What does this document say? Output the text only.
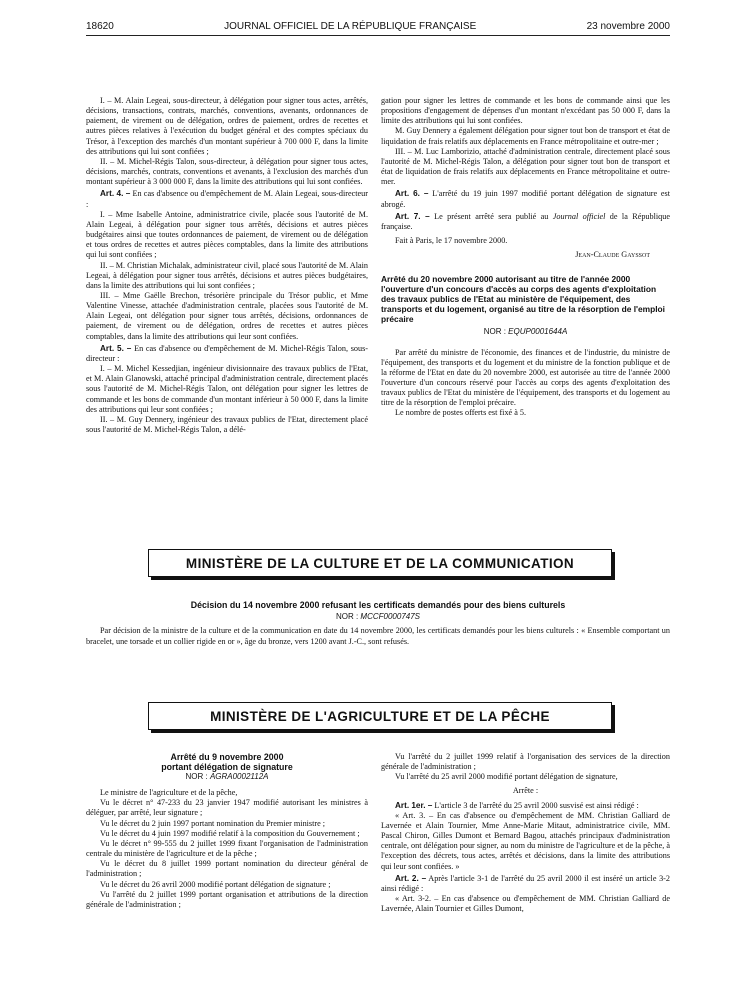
18620	JOURNAL OFFICIEL DE LA RÉPUBLIQUE FRANÇAISE	23 novembre 2000

I. – M. Alain Legeai, sous-directeur, à délégation pour signer tous actes, arrêtés, décisions, transactions, contrats, marchés, conventions, avenants, ordonnances de paiement, de virement ou de délégation, ordres de paiement, ordres de recettes et autres pièces relatives à l'exécution du budget général et des comptes spéciaux du Trésor, à l'exception des marchés d'un montant supérieur à 700 000 F, dans la limite des attributions qui lui sont confiées ;

II. – M. Michel-Régis Talon, sous-directeur, à délégation pour signer tous actes, décisions, marchés, contrats, conventions et avenants, à l'exclusion des marchés d'un montant supérieur à 3 000 000 F, dans la limite des attributions qui lui sont confiées.

Art. 4. – En cas d'absence ou d'empêchement de M. Alain Legeai, sous-directeur :

I. – Mme Isabelle Antoine, administratrice civile, placée sous l'autorité de M. Alain Legeai, à délégation pour signer tous arrêtés, décisions et autres pièces budgétaires ainsi que toutes ordonnances de paiement, de virement ou de délégation et tous ordres de recettes et autres pièces comptables, dans la limite des attributions qui lui sont confiées ;

II. – M. Christian Michalak, administrateur civil, placé sous l'autorité de M. Alain Legeai, à délégation pour signer tous arrêtés, décisions et autres pièces budgétaires, dans la limite des attributions qui lui sont confiées ;

III. – Mme Gaëlle Brechon, trésorière principale du Trésor public, et Mme Valentine Vinesse, attachée d'administration centrale, placées sous l'autorité de M. Alain Legeai, ont délégation pour signer tous arrêtés, décisions, ordonnances de paiement, de virement ou de délégation, ordres de recettes et autres pièces comptables, dans la limite des attributions qui leur sont confiées.

Art. 5. – En cas d'absence ou d'empêchement de M. Michel-Régis Talon, sous-directeur :

I. – M. Michel Kessedjian, ingénieur divisionnaire des travaux publics de l'Etat, et M. Alain Glanowski, attaché principal d'administration centrale, directement placés sous l'autorité de M. Michel-Régis Talon, ont délégation pour signer les lettres de commande et les bons de commande d'un montant inférieur à 50 000 F, dans la limite des attributions qui leur sont confiées ;

II. – M. Guy Dennery, ingénieur des travaux publics de l'Etat, directement placé sous l'autorité de M. Michel-Régis Talon, a délé-

gation pour signer les lettres de commande et les bons de commande ainsi que les propositions d'engagement de dépenses d'un montant n'excédant pas 50 000 F, dans la limite des attributions qui lui sont confiées.

M. Guy Dennery a également délégation pour signer tout bon de transport et état de liquidation de frais relatifs aux déplacements en France métropolitaine et outre-mer ;

III. – M. Luc Lamborizio, attaché d'administration centrale, directement placé sous l'autorité de M. Michel-Régis Talon, a délégation pour signer tout bon de transport et état de liquidation de frais relatifs aux déplacements en France métropolitaine et outre-mer.

Art. 6. – L'arrêté du 19 juin 1997 modifié portant délégation de signature est abrogé.

Art. 7. – Le présent arrêté sera publié au Journal officiel de la République française.

Fait à Paris, le 17 novembre 2000.

Jean-Claude Gayssot
Arrêté du 20 novembre 2000 autorisant au titre de l'année 2000 l'ouverture d'un concours d'accès au corps des agents d'exploitation des travaux publics de l'Etat au ministère de l'équipement, des transports et du logement, organisé au titre de la résorption de l'emploi précaire
NOR : EQUP0001644A

Par arrêté du ministre de l'économie, des finances et de l'industrie, du ministre de l'équipement, des transports et du logement et du ministre de la fonction publique et de la réforme de l'Etat en date du 20 novembre 2000, est autorisée au titre de l'année 2000 l'ouverture d'un concours réservé pour l'accès au corps des agents d'exploitation des travaux publics de l'Etat du ministère de l'équipement, des transports et du logement au titre de la résorption de l'emploi précaire.

Le nombre de postes offerts est fixé à 5.

MINISTÈRE DE LA CULTURE ET DE LA COMMUNICATION
Décision du 14 novembre 2000 refusant les certificats demandés pour des biens culturels
NOR : MCCF0000747S
Par décision de la ministre de la culture et de la communication en date du 14 novembre 2000, les certificats demandés pour les biens culturels : « Ensemble comportant un bracelet, une torsade et un collier rigide en or », âge du bronze, vers 1200 avant J.-C., sont refusés.
MINISTÈRE DE L'AGRICULTURE ET DE LA PÊCHE
Arrêté du 9 novembre 2000
portant délégation de signature
NOR : AGRA0002112A

Le ministre de l'agriculture et de la pêche,

Vu le décret n° 47-233 du 23 janvier 1947 modifié autorisant les ministres à déléguer, par arrêté, leur signature ;

Vu le décret du 2 juin 1997 portant nomination du Premier ministre ;

Vu le décret du 4 juin 1997 modifié relatif à la composition du Gouvernement ;

Vu le décret n° 99-555 du 2 juillet 1999 fixant l'organisation de l'administration centrale du ministère de l'agriculture et de la pêche ;

Vu le décret du 8 juillet 1999 portant nomination du directeur général de l'administration ;

Vu le décret du 26 avril 2000 modifié portant délégation de signature ;

Vu l'arrêté du 2 juillet 1999 portant organisation et attributions de la direction générale de l'administration ;

Vu l'arrêté du 2 juillet 1999 relatif à l'organisation des services de la direction générale de l'administration ;

Vu l'arrêté du 25 avril 2000 modifié portant délégation de signature,

Arrête :

Art. 1er. – L'article 3 de l'arrêté du 25 avril 2000 susvisé est ainsi rédigé :

« Art. 3. – En cas d'absence ou d'empêchement de MM. Christian Galliard de Lavernée et Alain Tournier, Mme Anne-Marie Mitaut, administratrice civile, MM. Pascal Chiron, Gilles Dumont et Bernard Bagou, attachés principaux d'administration centrale, ont délégation pour signer, au nom du ministre de l'agriculture et de la pêche, à l'exception des décrets, tous actes, arrêtés et décisions, dans la limite des attributions qui leur sont confiées. »

Art. 2. – Après l'article 3-1 de l'arrêté du 25 avril 2000 il est inséré un article 3-2 ainsi rédigé :

« Art. 3-2. – En cas d'absence ou d'empêchement de MM. Christian Galliard de Lavernée, Alain Tournier et Gilles Dumont,
